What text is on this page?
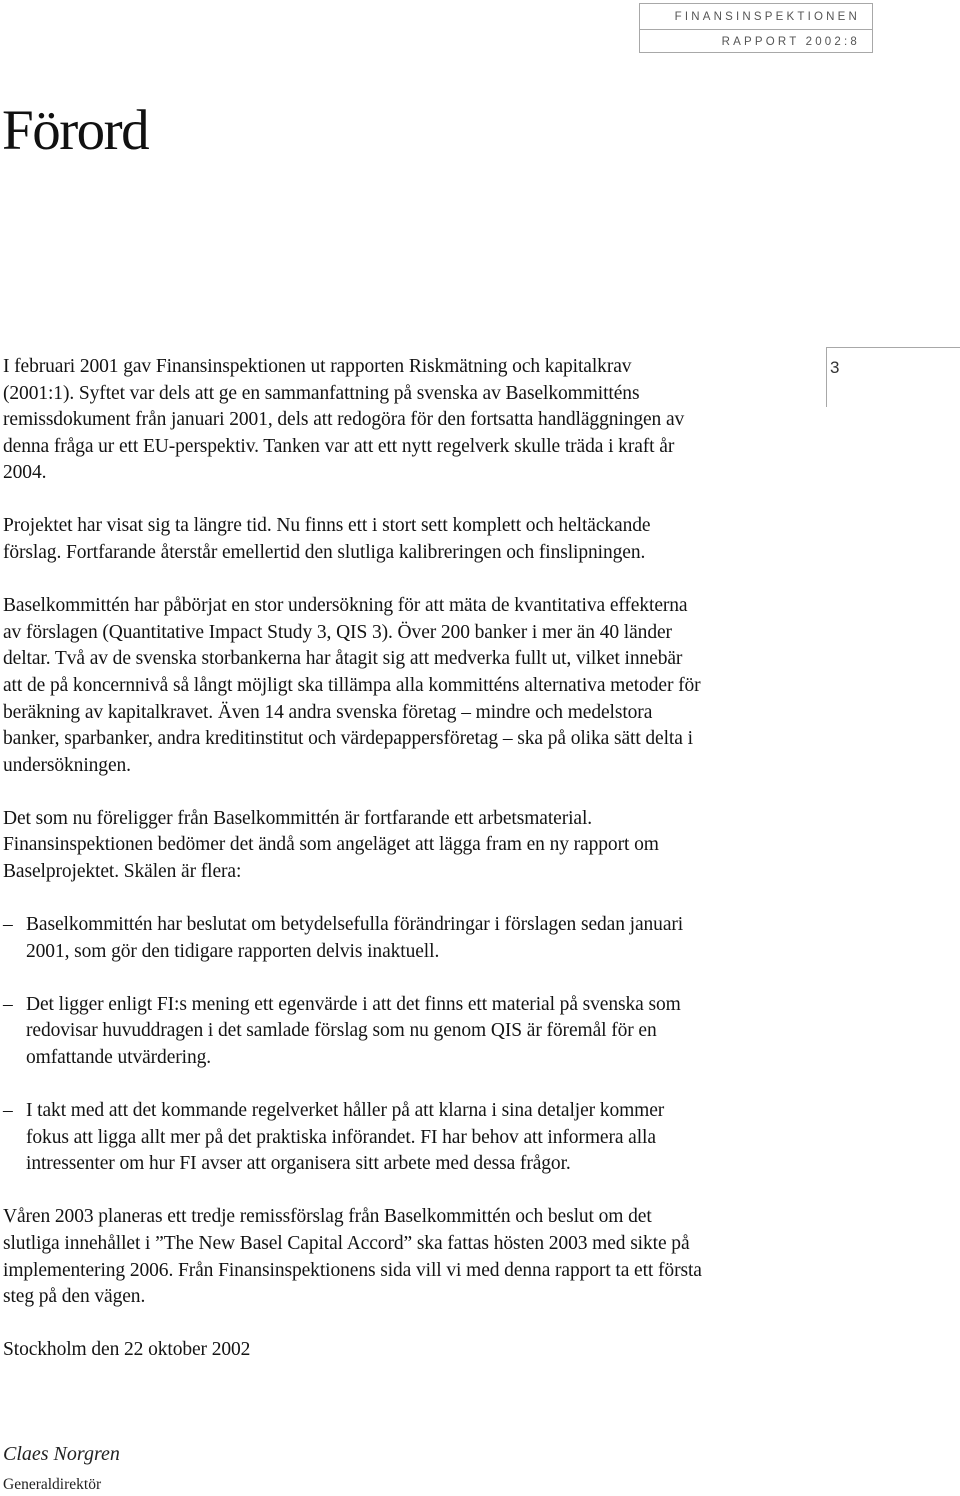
FINANSINSPEKTIONEN
RAPPORT 2002:8
Förord
3

I februari 2001 gav Finansinspektionen ut rapporten Riskmätning och kapitalkrav (2001:1). Syftet var dels att ge en sammanfattning på svenska av Baselkommitténs remissdokument från januari 2001, dels att redogöra för den fortsatta handläggningen av denna fråga ur ett EU-perspektiv. Tanken var att ett nytt regelverk skulle träda i kraft år 2004.

Projektet har visat sig ta längre tid. Nu finns ett i stort sett komplett och heltäckande förslag. Fortfarande återstår emellertid den slutliga kalibreringen och finslipningen.

Baselkommittén har påbörjat en stor undersökning för att mäta de kvantitativa effekterna av förslagen (Quantitative Impact Study 3, QIS 3). Över 200 banker i mer än 40 länder deltar. Två av de svenska storbankerna har åtagit sig att medverka fullt ut, vilket innebär att de på koncernnivå så långt möjligt ska tillämpa alla kommitténs alternativa metoder för beräkning av kapitalkravet. Även 14 andra svenska företag – mindre och medelstora banker, sparbanker, andra kreditinstitut och värdepappersföretag – ska på olika sätt delta i undersökningen.

Det som nu föreligger från Baselkommittén är fortfarande ett arbetsmaterial. Finansinspektionen bedömer det ändå som angeläget att lägga fram en ny rapport om Baselprojektet. Skälen är flera:

– Baselkommittén har beslutat om betydelsefulla förändringar i förslagen sedan januari 2001, som gör den tidigare rapporten delvis inaktuell.
– Det ligger enligt FI:s mening ett egenvärde i att det finns ett material på svenska som redovisar huvuddragen i det samlade förslag som nu genom QIS är föremål för en omfattande utvärdering.
– I takt med att det kommande regelverket håller på att klarna i sina detaljer kommer fokus att ligga allt mer på det praktiska införandet. FI har behov att informera alla intressenter om hur FI avser att organisera sitt arbete med dessa frågor.

Våren 2003 planeras ett tredje remissförslag från Baselkommittén och beslut om det slutliga innehållet i ”The New Basel Capital Accord” ska fattas hösten 2003 med sikte på implementering 2006. Från Finansinspektionens sida vill vi med denna rapport ta ett första steg på den vägen.

Stockholm den 22 oktober 2002

Claes Norgren
Generaldirektör
